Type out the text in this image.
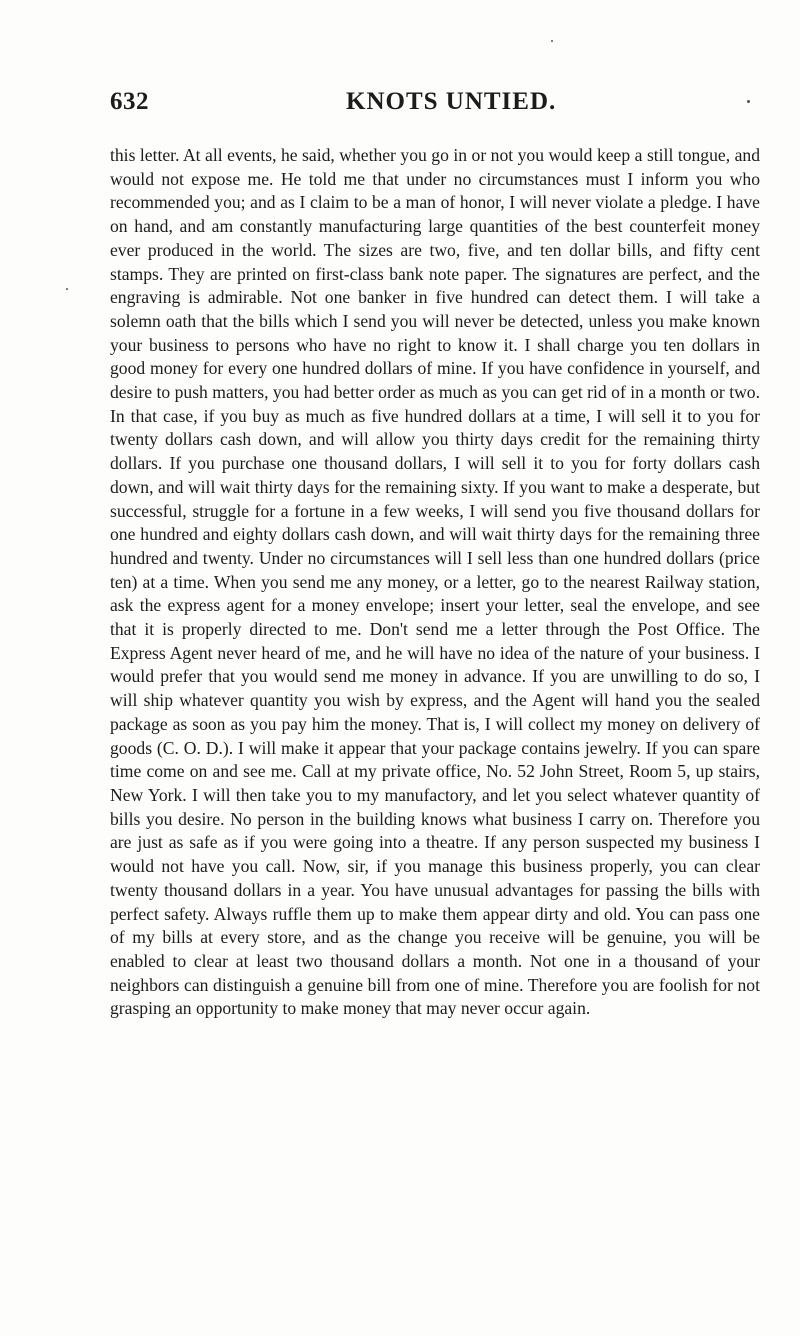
632	KNOTS UNTIED.

this letter. At all events, he said, whether you go in or not you would keep a still tongue, and would not expose me. He told me that under no circumstances must I inform you who recommended you; and as I claim to be a man of honor, I will never violate a pledge. I have on hand, and am constantly manufacturing large quantities of the best counterfeit money ever produced in the world. The sizes are two, five, and ten dollar bills, and fifty cent stamps. They are printed on first-class bank note paper. The signatures are perfect, and the engraving is admirable. Not one banker in five hundred can detect them. I will take a solemn oath that the bills which I send you will never be detected, unless you make known your business to persons who have no right to know it. I shall charge you ten dollars in good money for every one hundred dollars of mine. If you have confidence in yourself, and desire to push matters, you had better order as much as you can get rid of in a month or two. In that case, if you buy as much as five hundred dollars at a time, I will sell it to you for twenty dollars cash down, and will allow you thirty days credit for the remaining thirty dollars. If you purchase one thousand dollars, I will sell it to you for forty dollars cash down, and will wait thirty days for the remaining sixty. If you want to make a desperate, but successful, struggle for a fortune in a few weeks, I will send you five thousand dollars for one hundred and eighty dollars cash down, and will wait thirty days for the remaining three hundred and twenty. Under no circumstances will I sell less than one hundred dollars (price ten) at a time. When you send me any money, or a letter, go to the nearest Railway station, ask the express agent for a money envelope; insert your letter, seal the envelope, and see that it is properly directed to me. Don't send me a letter through the Post Office. The Express Agent never heard of me, and he will have no idea of the nature of your business. I would prefer that you would send me money in advance. If you are unwilling to do so, I will ship whatever quantity you wish by express, and the Agent will hand you the sealed package as soon as you pay him the money. That is, I will collect my money on delivery of goods (C. O. D.). I will make it appear that your package contains jewelry. If you can spare time come on and see me. Call at my private office, No. 52 John Street, Room 5, up stairs, New York. I will then take you to my manufactory, and let you select whatever quantity of bills you desire. No person in the building knows what business I carry on. Therefore you are just as safe as if you were going into a theatre. If any person suspected my business I would not have you call. Now, sir, if you manage this business properly, you can clear twenty thousand dollars in a year. You have unusual advantages for passing the bills with perfect safety. Always ruffle them up to make them appear dirty and old. You can pass one of my bills at every store, and as the change you receive will be genuine, you will be enabled to clear at least two thousand dollars a month. Not one in a thousand of your neighbors can distinguish a genuine bill from one of mine. Therefore you are foolish for not grasping an opportunity to make money that may never occur again.
